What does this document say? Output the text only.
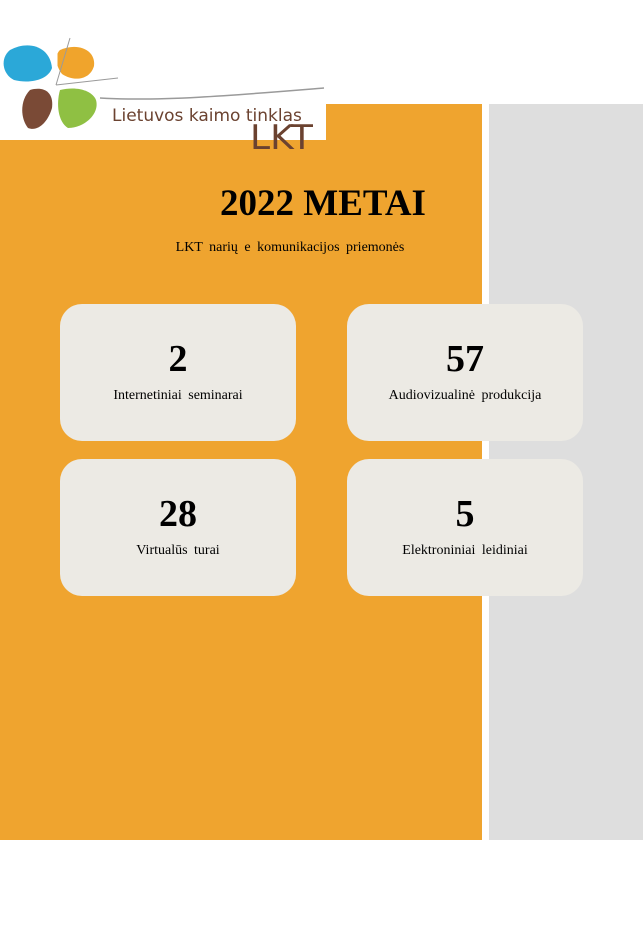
Lietuvos kaimo tinklas
LKT
2022 METAI
LKT narių e komunikacijos priemonės
2
Internetiniai seminarai
57
Audiovizualinė produkcija
28
Virtualūs turai
5
Elektroniniai leidiniai
